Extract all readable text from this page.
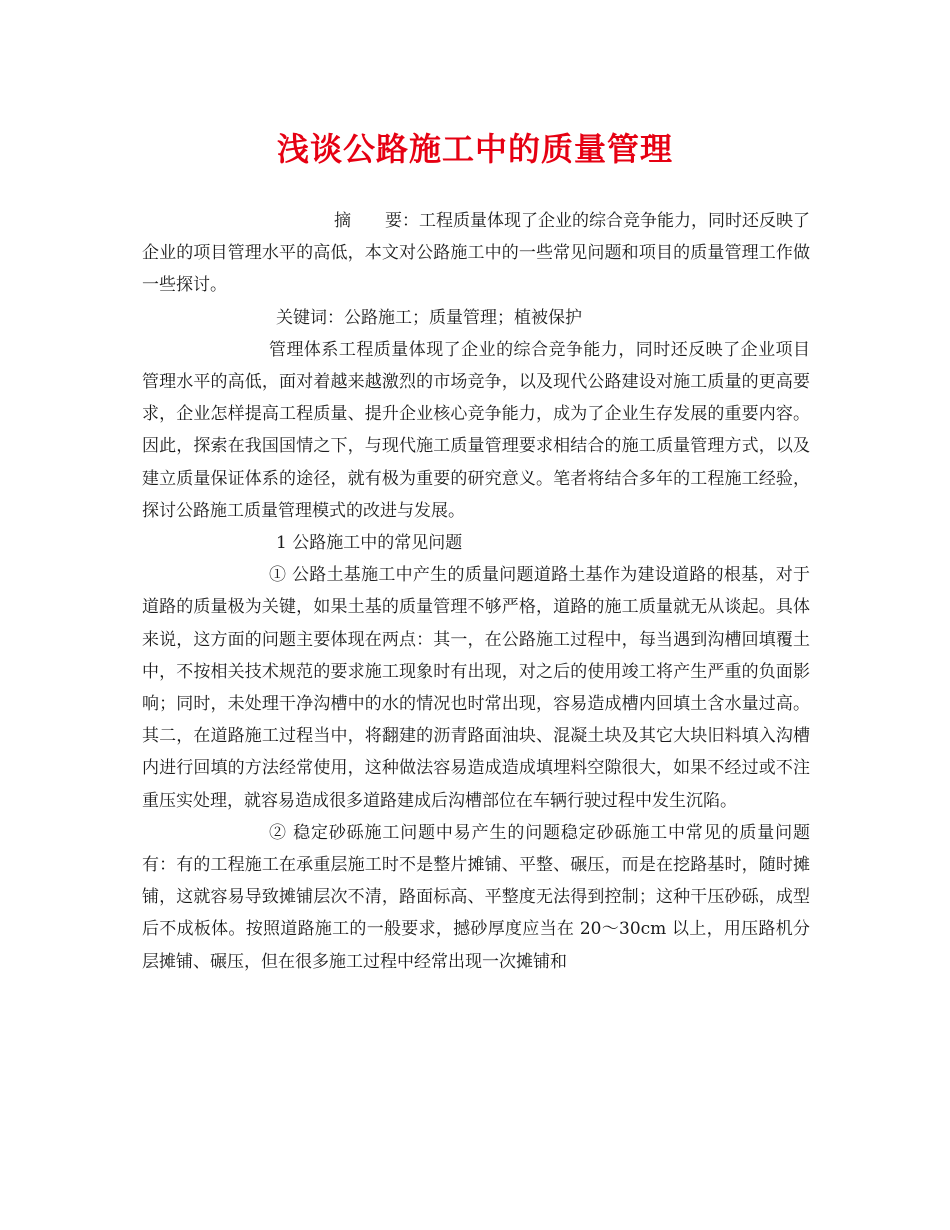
浅谈公路施工中的质量管理

摘　　要：工程质量体现了企业的综合竞争能力，同时还反映了企业的项目管理水平的高低，本文对公路施工中的一些常见问题和项目的质量管理工作做一些探讨。

关键词：公路施工；质量管理；植被保护

管理体系工程质量体现了企业的综合竞争能力，同时还反映了企业项目管理水平的高低，面对着越来越激烈的市场竞争，以及现代公路建设对施工质量的更高要求，企业怎样提高工程质量、提升企业核心竞争能力，成为了企业生存发展的重要内容。因此，探索在我国国情之下，与现代施工质量管理要求相结合的施工质量管理方式，以及建立质量保证体系的途径，就有极为重要的研究意义。笔者将结合多年的工程施工经验，探讨公路施工质量管理模式的改进与发展。

1 公路施工中的常见问题

① 公路土基施工中产生的质量问题道路土基作为建设道路的根基，对于道路的质量极为关键，如果土基的质量管理不够严格，道路的施工质量就无从谈起。具体来说，这方面的问题主要体现在两点：其一，在公路施工过程中，每当遇到沟槽回填覆土中，不按相关技术规范的要求施工现象时有出现，对之后的使用竣工将产生严重的负面影响；同时，未处理干净沟槽中的水的情况也时常出现，容易造成槽内回填土含水量过高。其二，在道路施工过程当中，将翻建的沥青路面油块、混凝土块及其它大块旧料填入沟槽内进行回填的方法经常使用，这种做法容易造成造成填埋料空隙很大，如果不经过或不注重压实处理，就容易造成很多道路建成后沟槽部位在车辆行驶过程中发生沉陷。

② 稳定砂砾施工问题中易产生的问题稳定砂砾施工中常见的质量问题有：有的工程施工在承重层施工时不是整片摊铺、平整、碾压，而是在挖路基时，随时摊铺，这就容易导致摊铺层次不清，路面标高、平整度无法得到控制；这种干压砂砾，成型后不成板体。按照道路施工的一般要求，撼砂厚度应当在 20～30cm 以上，用压路机分层摊铺、碾压，但在很多施工过程中经常出现一次摊铺和
